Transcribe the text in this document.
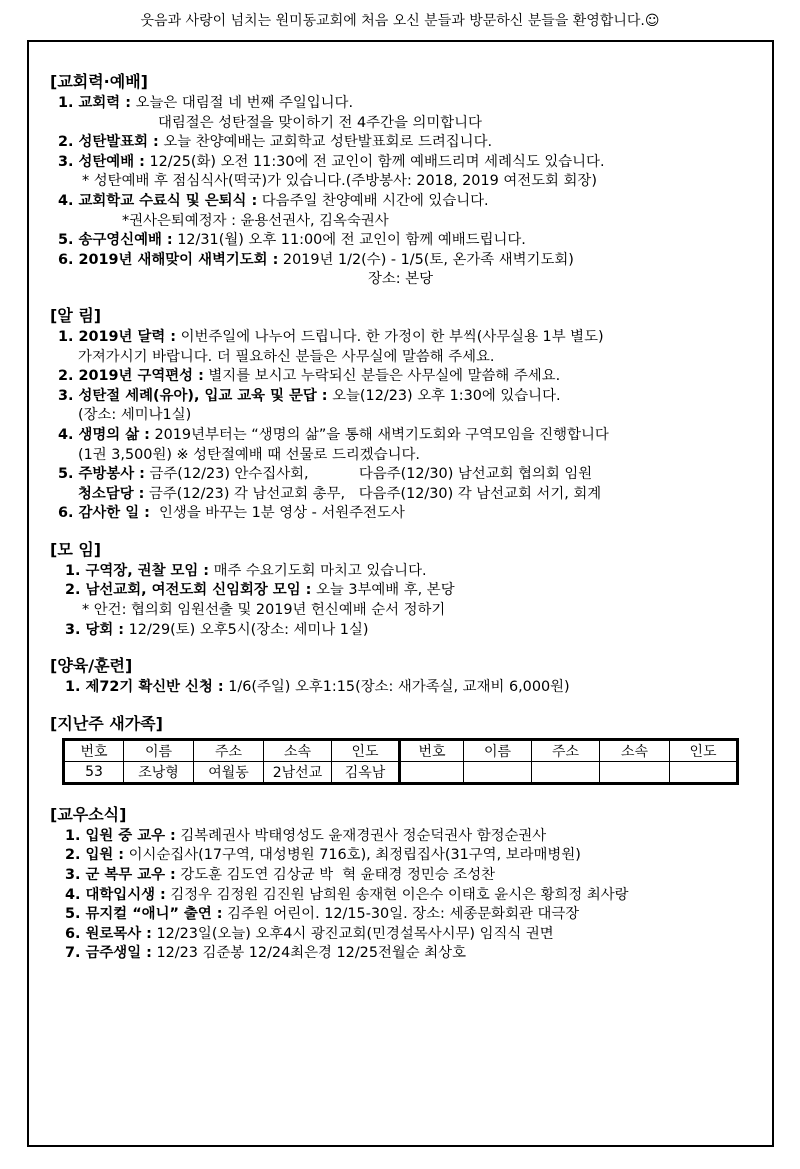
웃음과 사랑이 넘치는 원미동교회에 처음 오신 분들과 방문하신 분들을 환영합니다.☺
[교회력·예배]
1. 교회력 : 오늘은 대림절 네 번째 주일입니다.
대림절은 성탄절을 맞이하기 전 4주간을 의미합니다
2. 성탄발표회 : 오늘 찬양예배는 교회학교 성탄발표회로 드려집니다.
3. 성탄예배 : 12/25(화) 오전 11:30에 전 교인이 함께 예배드리며 세례식도 있습니다.
* 성탄예배 후 점심식사(떡국)가 있습니다.(주방봉사: 2018, 2019 여전도회 회장)
4. 교회학교 수료식 및 은퇴식 : 다음주일 찬양예배 시간에 있습니다.
*권사은퇴예정자 : 윤용선권사, 김옥숙권사
5. 송구영신예배 : 12/31(월) 오후 11:00에 전 교인이 함께 예배드립니다.
6. 2019년 새해맞이 새벽기도회 : 2019년 1/2(수) - 1/5(토, 온가족 새벽기도회)
장소: 본당
[알 림]
1. 2019년 달력 : 이번주일에 나누어 드립니다. 한 가정이 한 부씩(사무실용 1부 별도)
가져가시기 바랍니다. 더 필요하신 분들은 사무실에 말씀해 주세요.
2. 2019년 구역편성 : 별지를 보시고 누락되신 분들은 사무실에 말씀해 주세요.
3. 성탄절 세례(유아), 입교 교육 및 문답 : 오늘(12/23) 오후 1:30에 있습니다.
(장소: 세미나1실)
4. 생명의 삶 : 2019년부터는 “생명의 삶”을 통해 새벽기도회와 구역모임을 진행합니다
(1권 3,500원) ※ 성탄절예배 때 선물로 드리겠습니다.
5. 주방봉사 : 금주(12/23) 안수집사회,           다음주(12/30) 남선교회 협의회 임원
청소담당 : 금주(12/23) 각 남선교회 총무,   다음주(12/30) 각 남선교회 서기, 회계
6. 감사한 일 :  인생을 바꾸는 1분 영상 - 서원주전도사
[모 임]
1. 구역장, 권찰 모임 : 매주 수요기도회 마치고 있습니다.
2. 남선교회, 여전도회 신임회장 모임 : 오늘 3부예배 후, 본당
* 안건: 협의회 임원선출 및 2019년 헌신예배 순서 정하기
3. 당회 : 12/29(토) 오후5시(장소: 세미나 1실)
[양육/훈련]
1. 제72기 확신반 신청 : 1/6(주일) 오후1:15(장소: 새가족실, 교재비 6,000원)
[지난주 새가족]
번호	이름	주소	소속	인도	번호	이름	주소	소속	인도
53	조낭형	여월동	2남선교	김옥남					
[교우소식]
1. 입원 중 교우 : 김복례권사 박태영성도 윤재경권사 정순덕권사 함정순권사
2. 입원 : 이시순집사(17구역, 대성병원 716호), 최정립집사(31구역, 보라매병원)
3. 군 복무 교우 : 강도훈 김도연 김상균 박  혁 윤태경 정민승 조성찬
4. 대학입시생 : 김정우 김정원 김진원 남희원 송재현 이은수 이태호 윤시은 황희정 최사랑
5. 뮤지컬 “애니” 출연 : 김주원 어린이. 12/15-30일. 장소: 세종문화회관 대극장
6. 원로목사 : 12/23일(오늘) 오후4시 광진교회(민경설목사시무) 임직식 권면
7. 금주생일 : 12/23 김준봉 12/24최은경 12/25전월순 최상호
